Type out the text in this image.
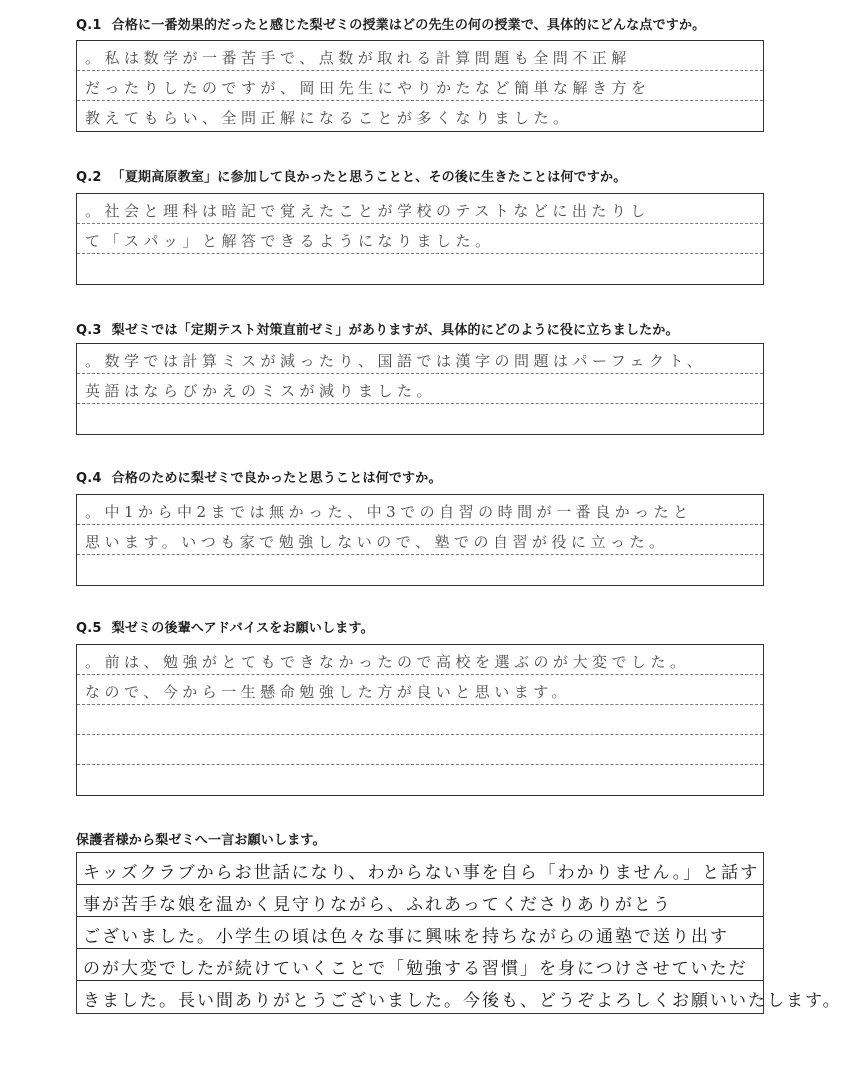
Q.1 合格に一番効果的だったと感じた梨ゼミの授業はどの先生の何の授業で、具体的にどんな点ですか。
。私は数学が一番苦手で、点数が取れる計算問題も全問不正解
だったりしたのですが、岡田先生にやりかたなど簡単な解き方を
教えてもらい、全問正解になることが多くなりました。
Q.2 「夏期高原教室」に参加して良かったと思うことと、その後に生きたことは何ですか。
。社会と理科は暗記で覚えたことが学校のテストなどに出たりし
て「スパッ」と解答できるようになりました。
Q.3 梨ゼミでは「定期テスト対策直前ゼミ」がありますが、具体的にどのように役に立ちましたか。
。数学では計算ミスが減ったり、国語では漢字の問題はパーフェクト、
英語はならびかえのミスが減りました。
Q.4 合格のために梨ゼミで良かったと思うことは何ですか。
。中1から中2までは無かった、中3での自習の時間が一番良かったと
思います。いつも家で勉強しないので、塾での自習が役に立った。
Q.5 梨ゼミの後輩へアドバイスをお願いします。
。前は、勉強がとてもできなかったので高校を選ぶのが大変でした。
なので、今から一生懸命勉強した方が良いと思います。
保護者様から梨ゼミへ一言お願いします。
キッズクラブからお世話になり、わからない事を自ら「わかりません。」と話す
事が苦手な娘を温かく見守りながら、ふれあってくださりありがとう
ございました。小学生の頃は色々な事に興味を持ちながらの通塾で送り出す
のが大変でしたが続けていくことで「勉強する習慣」を身につけさせていただ
きました。長い間ありがとうございました。今後も、どうぞよろしくお願いいたします。
